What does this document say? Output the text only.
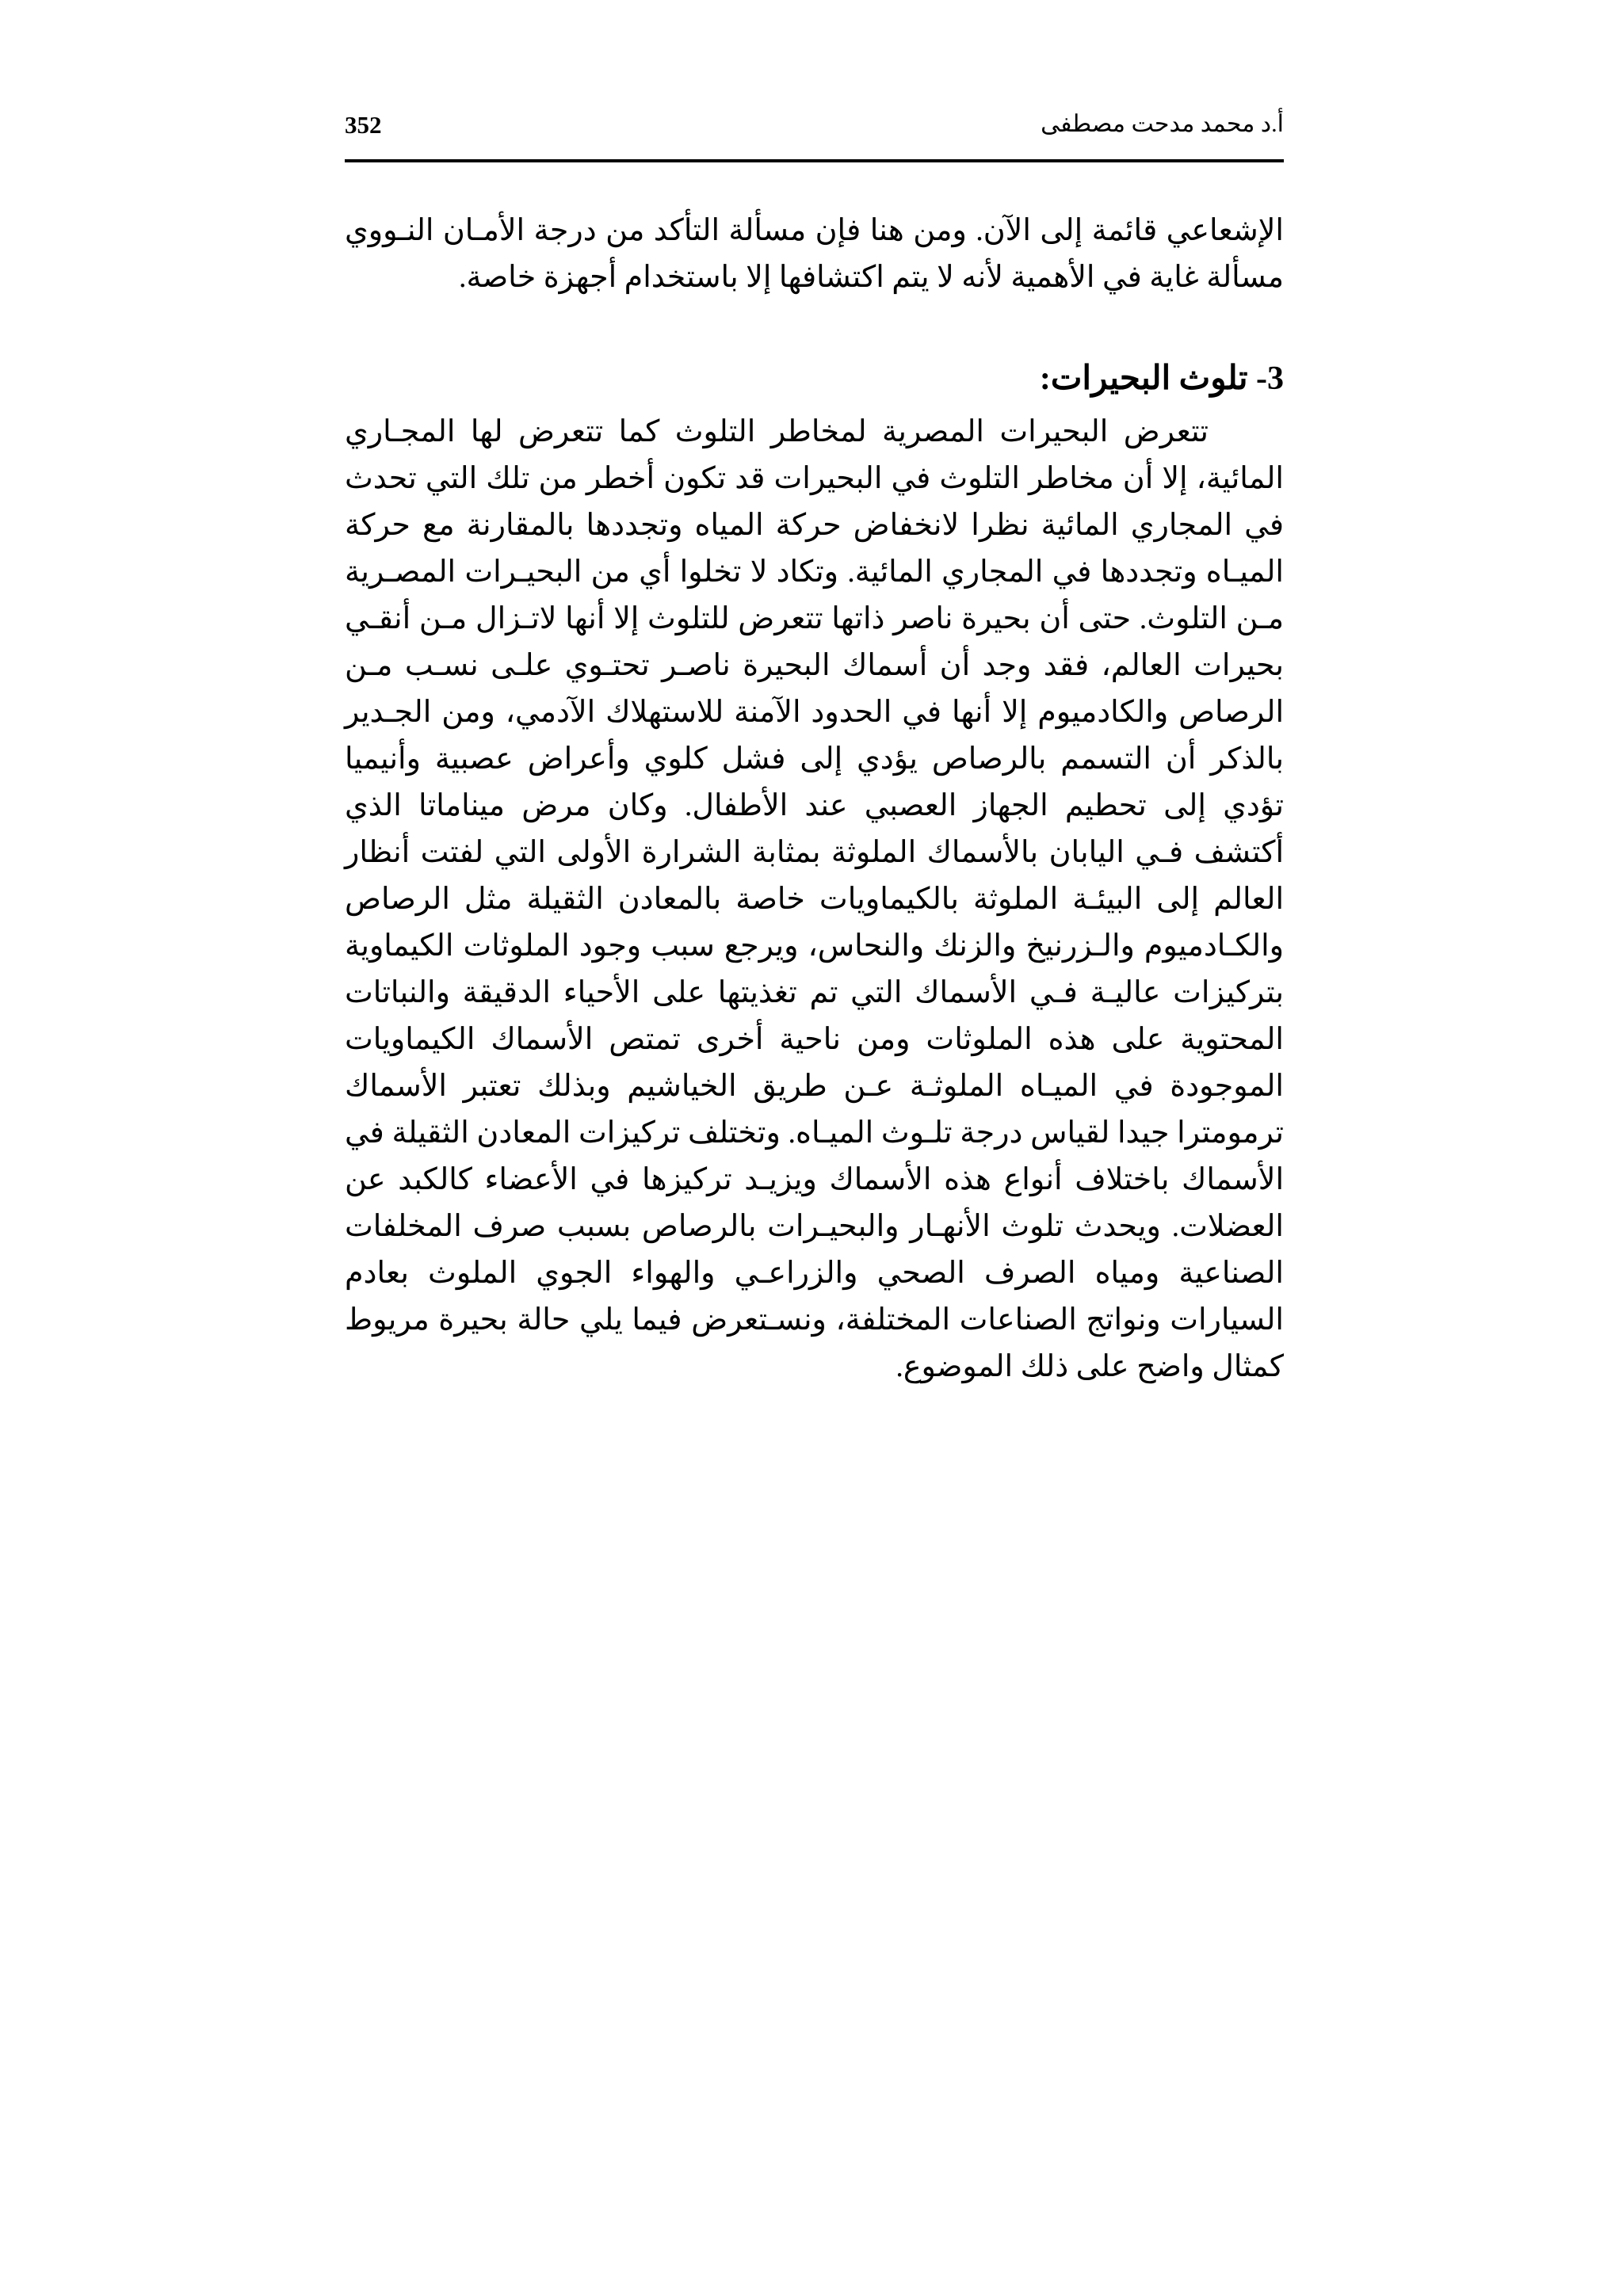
352	أ.د محمد مدحت مصطفى

الإشعاعي قائمة إلى الآن. ومن هنا فإن مسألة التأكد من درجة الأمـان النـووي مسألة غاية في الأهمية لأنه لا يتم اكتشافها إلا باستخدام أجهزة خاصة.

3- تلوث البحيرات:

تتعرض البحيرات المصرية لمخاطر التلوث كما تتعرض لها المجـاري المائية، إلا أن مخاطر التلوث في البحيرات قد تكون أخطر من تلك التي تحدث في المجاري المائية نظرا لانخفاض حركة المياه وتجددها بالمقارنة مع حركة الميـاه وتجددها في المجاري المائية. وتكاد لا تخلوا أي من البحيـرات المصـرية مـن التلوث. حتى أن بحيرة ناصر ذاتها تتعرض للتلوث إلا أنها لاتـزال مـن أنقـي بحيرات العالم، فقد وجد أن أسماك البحيرة ناصـر تحتـوي علـى نسـب مـن الرصاص والكادميوم إلا أنها في الحدود الآمنة للاستهلاك الآدمي، ومن الجـدير بالذكر أن التسمم بالرصاص يؤدي إلى فشل كلوي وأعراض عصبية وأنيميا تؤدي إلى تحطيم الجهاز العصبي عند الأطفال. وكان مرض ميناماتا الذي أكتشف فـي اليابان بالأسماك الملوثة بمثابة الشرارة الأولى التي لفتت أنظار العالم إلى البيئـة الملوثة بالكيماويات خاصة بالمعادن الثقيلة مثل الرصاص والكـادميوم والـزرنيخ والزنك والنحاس، ويرجع سبب وجود الملوثات الكيماوية بتركيزات عاليـة فـي الأسماك التي تم تغذيتها على الأحياء الدقيقة والنباتات المحتوية على هذه الملوثات ومن ناحية أخرى تمتص الأسماك الكيماويات الموجودة في الميـاه الملوثـة عـن طريق الخياشيم وبذلك تعتبر الأسماك ترمومترا جيدا لقياس درجة تلـوث الميـاه. وتختلف تركيزات المعادن الثقيلة في الأسماك باختلاف أنواع هذه الأسماك ويزيـد تركيزها في الأعضاء كالكبد عن العضلات. ويحدث تلوث الأنهـار والبحيـرات بالرصاص بسبب صرف المخلفات الصناعية ومياه الصرف الصحي والزراعـي والهواء الجوي الملوث بعادم السيارات ونواتج الصناعات المختلفة، ونسـتعرض فيما يلي حالة بحيرة مريوط كمثال واضح على ذلك الموضوع.
